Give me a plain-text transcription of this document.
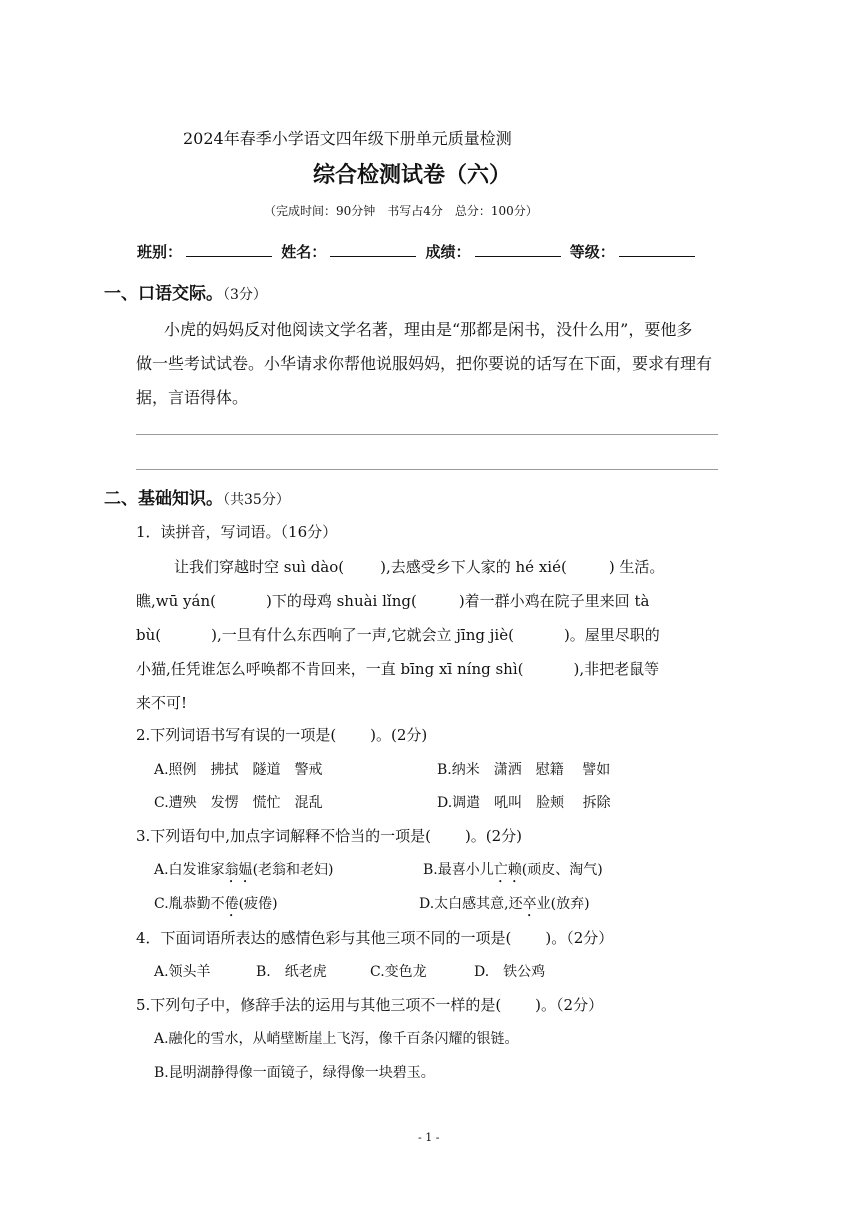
2024年春季小学语文四年级下册单元质量检测
综合检测试卷（六）
（完成时间：90分钟　书写占4分　总分：100分）
班别：	姓名：	成绩：	等级：
一、口语交际。（3分）
小虎的妈妈反对他阅读文学名著，理由是“那都是闲书，没什么用”，要他多
做一些考试试卷。小华请求你帮他说服妈妈，把你要说的话写在下面，要求有理有
据，言语得体。
二、基础知识。（共35分）
1．读拼音，写词语。（16分）
让我们穿越时空 suì dào( ),去感受乡下人家的 hé xié(	) 生活。
瞧,wū yán(	)下的母鸡 shuài lǐng(	)着一群小鸡在院子里来回 tà
bù(	),一旦有什么东西响了一声,它就会立 jīng jiè(	)。屋里尽职的
小猫,任凭谁怎么呼唤都不肯回来，一直 bīng xī níng shì(	),非把老鼠等
来不可!
2.下列词语书写有误的一项是( )。(2分)
A.照例　拂拭　隧道　警戒	B.纳米　潇洒　慰籍　 譬如
C.遭殃　发愣　慌忙　混乱	D.调遣　吼叫　脸颊　 拆除
3.下列语句中,加点字词解释不恰当的一项是( )。(2分)
A.白发谁家翁媪(老翁和老妇)	B.最喜小儿亡赖(顽皮、淘气)
C.胤恭勤不倦(疲倦)	D.太白感其意,还卒业(放弃)
4．下面词语所表达的感情色彩与其他三项不同的一项是( )。（2分）
A.领头羊	B.　纸老虎	C.变色龙	D.　铁公鸡
5.下列句子中，修辞手法的运用与其他三项不一样的是( )。（2分）
A.融化的雪水，从峭壁断崖上飞泻，像千百条闪耀的银链。
B.昆明湖静得像一面镜子，绿得像一块碧玉。
- 1 -
